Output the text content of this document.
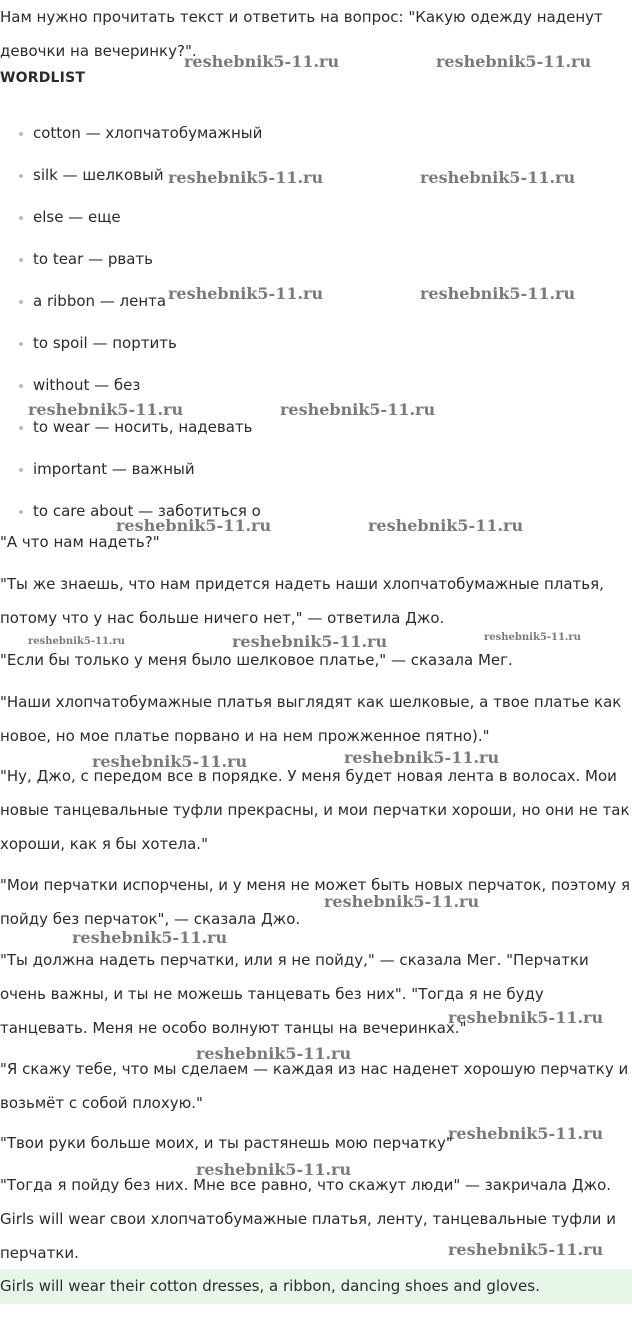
Нам нужно прочитать текст и ответить на вопрос: "Какую одежду наденут девочки на вечеринку?".

WORDLIST

cotton — хлопчатобумажный
silk — шелковый
else — еще
to tear — рвать
a ribbon — лента
to spoil — портить
without — без
to wear — носить, надевать
important — важный
to care about — заботиться о

"А что нам надеть?"

"Ты же знаешь, что нам придется надеть наши хлопчатобумажные платья, потому что у нас больше ничего нет," — ответила Джо.

"Если бы только у меня было шелковое платье," — сказала Мег.

"Наши хлопчатобумажные платья выглядят как шелковые, а твое платье как новое, но мое платье порвано и на нем прожженное пятно)."

"Ну, Джо, с передом все в порядке. У меня будет новая лента в волосах. Мои новые танцевальные туфли прекрасны, и мои перчатки хороши, но они не так хороши, как я бы хотела."

"Мои перчатки испорчены, и у меня не может быть новых перчаток, поэтому я пойду без перчаток", — сказала Джо.

"Ты должна надеть перчатки, или я не пойду," — сказала Мег. "Перчатки очень важны, и ты не можешь танцевать без них". "Тогда я не буду танцевать. Меня не особо волнуют танцы на вечеринках."

"Я скажу тебе, что мы сделаем — каждая из нас наденет хорошую перчатку и возьмёт с собой плохую."

"Твои руки больше моих, и ты растянешь мою перчатку"

"Тогда я пойду без них. Мне все равно, что скажут люди" — закричала Джо.

Girls will wear свои хлопчатобумажные платья, ленту, танцевальные туфли и перчатки.

Girls will wear their cotton dresses, a ribbon, dancing shoes and gloves.

reshebnik5-11.ru	reshebnik5-11.ru
reshebnik5-11.ru	reshebnik5-11.ru
reshebnik5-11.ru	reshebnik5-11.ru
reshebnik5-11.ru	reshebnik5-11.ru
reshebnik5-11.ru	reshebnik5-11.ru
reshebnik5-11.ru	reshebnik5-11.ru	reshebnik5-11.ru
reshebnik5-11.ru	reshebnik5-11.ru
reshebnik5-11.ru
reshebnik5-11.ru
reshebnik5-11.ru
reshebnik5-11.ru
reshebnik5-11.ru
reshebnik5-11.ru
reshebnik5-11.ru
